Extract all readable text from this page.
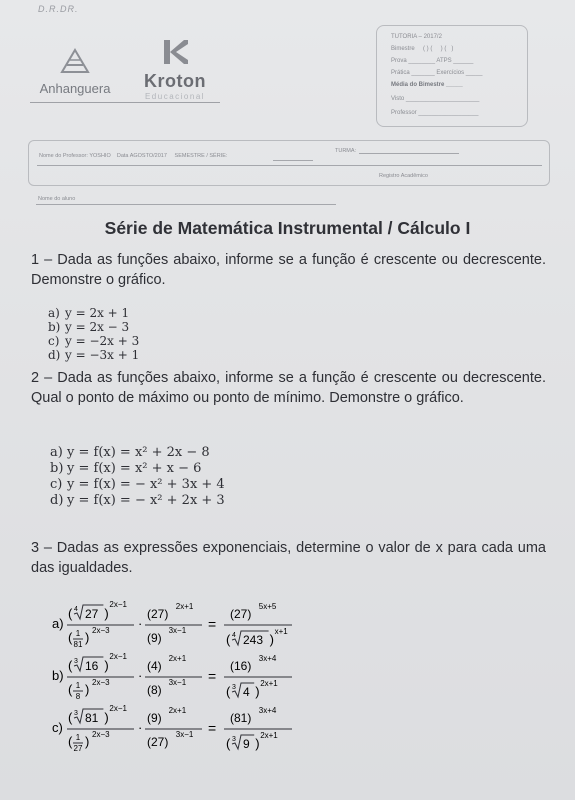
D.R.DR.
Anhanguera	Kroton
Educacional
TUTORIA – 2017/2
Bimestre     ( ) (     ) (   )
Prova ________ ATPS ______
Prática _______ Exercícios _____
Média do Bimestre _____
Visto ______________________
Professor __________________
Nome do Professor: YOSHIO Data AGOSTO/2017 SEMESTRE / SÉRIE:
TURMA:
Registro Acadêmico
Nome do aluno
Série de Matemática Instrumental / Cálculo I
1 – Dada as funções abaixo, informe se a função é crescente ou decrescente. Demonstre o gráfico.
a) y = 2x + 1
b) y = 2x − 3
c) y = −2x + 3
d) y = −3x + 1
2 – Dada as funções abaixo, informe se a função é crescente ou decrescente. Qual o ponto de máximo ou ponto de mínimo. Demonstre o gráfico.
a) y = f(x) = x² + 2x − 8
b) y = f(x) = x² + x − 6
c) y = f(x) = − x² + 3x + 4
d) y = f(x) = − x² + 2x + 3
3 – Dadas as expressões exponenciais, determine o valor de x para cada uma das igualdades.
a)
( 4 27 )
2x−1
( 1
81 ) 2x−3 ·
(27)
2x+1
(9)
3x−1 =
(27)
5x+5
( 4 243 )
x+1
b)
( 3 16 )
2x−1
( 1
8 ) 2x−3 ·
(4)
2x+1
(8)
3x−1 =
(16)
3x+4
( 3 4 )
2x+1
c)
( 3 81 )
2x−1
( 1
27 ) 2x−3 ·
(9)
2x+1
(27)
3x−1 =
(81)
3x+4
( 3 9 )
2x+1
